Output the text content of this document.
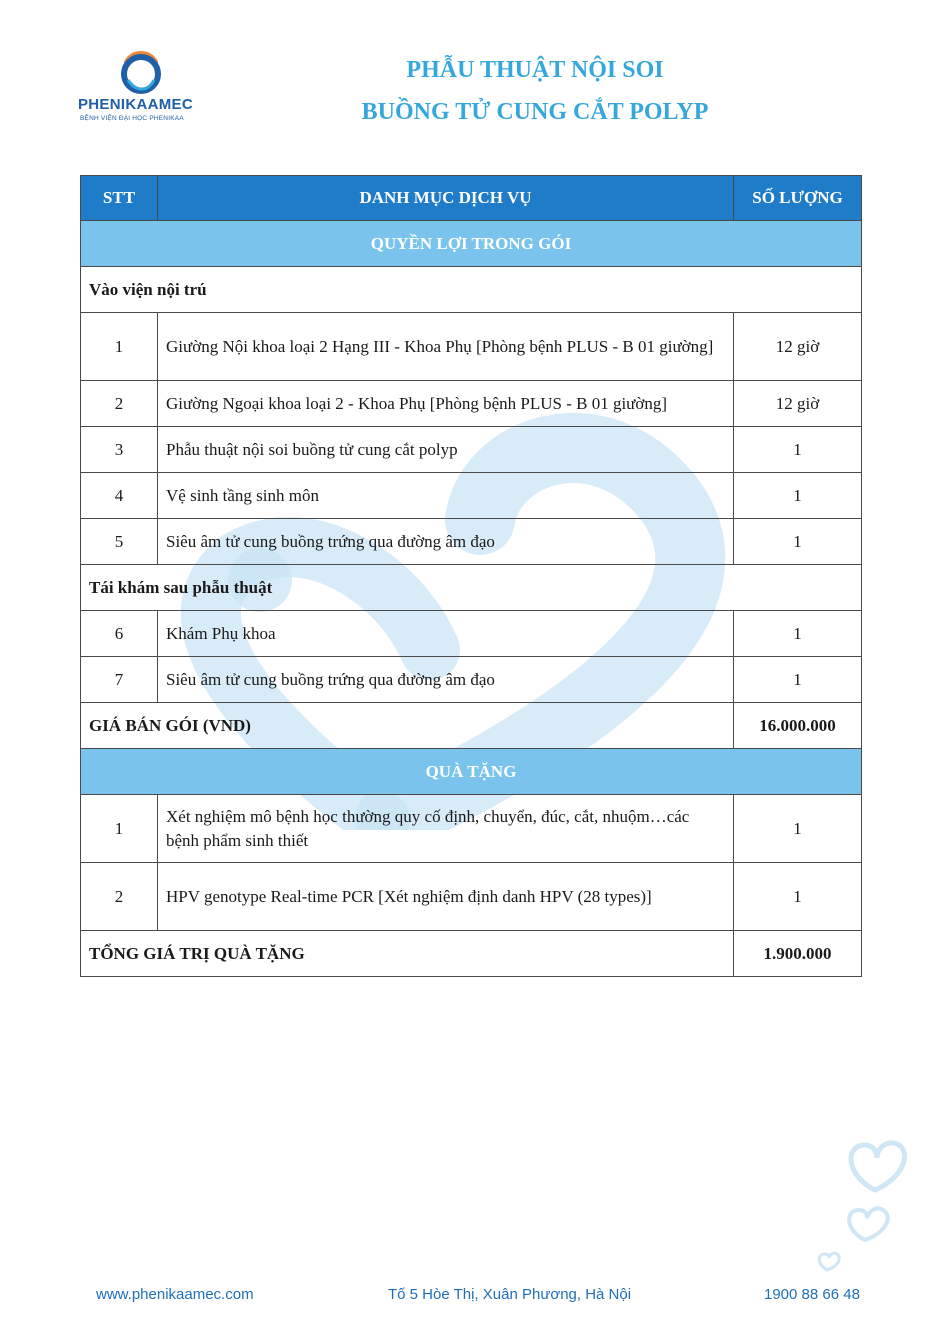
PHENIKAAMEC
BỆNH VIỆN ĐẠI HỌC PHENIKAA
PHẪU THUẬT NỘI SOI
BUỒNG TỬ CUNG CẮT POLYP
STT	DANH MỤC DỊCH VỤ	SỐ LƯỢNG
QUYỀN LỢI TRONG GÓI		
Vào viện nội trú		
1	Giường Nội khoa loại 2 Hạng III - Khoa Phụ [Phòng bệnh PLUS - B 01 giường]	12 giờ
2	Giường Ngoại khoa loại 2 - Khoa Phụ [Phòng bệnh PLUS - B 01 giường]	12 giờ
3	Phẫu thuật nội soi buồng tử cung cắt polyp	1
4	Vệ sinh tầng sinh môn	1
5	Siêu âm tử cung buồng trứng qua đường âm đạo	1
Tái khám sau phẫu thuật		
6	Khám Phụ khoa	1
7	Siêu âm tử cung buồng trứng qua đường âm đạo	1
GIÁ BÁN GÓI (VND)		16.000.000
QUÀ TẶNG		
1	Xét nghiệm mô bệnh học thường quy cố định, chuyển, đúc, cắt, nhuộm…các bệnh phẩm sinh thiết	1
2	HPV genotype Real-time PCR [Xét nghiệm định danh HPV (28 types)]	1
TỔNG GIÁ TRỊ QUÀ TẶNG		1.900.000
www.phenikaamec.com	Tố 5 Hòe Thị, Xuân Phương, Hà Nội	1900 88 66 48
